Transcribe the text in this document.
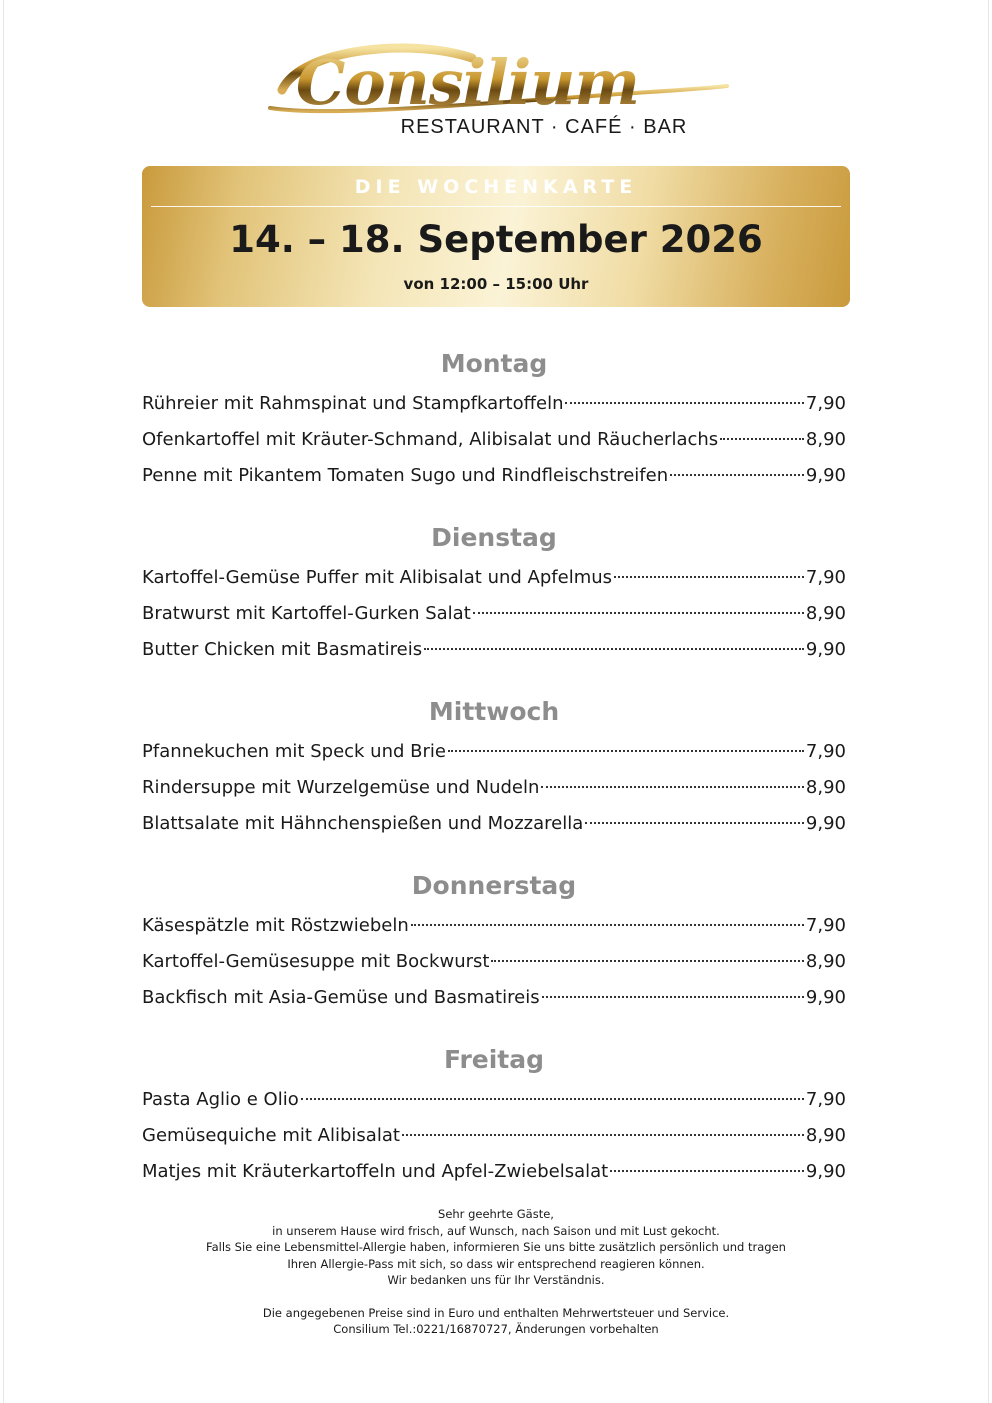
Consilium
RESTAURANT · CAFÉ · BAR
DIE WOCHENKARTE
14. – 18. September 2026
von 12:00 – 15:00 Uhr
Montag
Rühreier mit Rahmspinat und Stampfkartoffeln	7,90
Ofenkartoffel mit Kräuter-Schmand, Alibisalat und Räucherlachs	8,90
Penne mit Pikantem Tomaten Sugo und Rindfleischstreifen	9,90
Dienstag
Kartoffel-Gemüse Puffer mit Alibisalat und Apfelmus	7,90
Bratwurst mit Kartoffel-Gurken Salat	8,90
Butter Chicken mit Basmatireis	9,90
Mittwoch
Pfannekuchen mit Speck und Brie	7,90
Rindersuppe mit Wurzelgemüse und Nudeln	8,90
Blattsalate mit Hähnchenspießen und Mozzarella	9,90
Donnerstag
Käsespätzle mit Röstzwiebeln	7,90
Kartoffel-Gemüsesuppe mit Bockwurst	8,90
Backfisch mit Asia-Gemüse und Basmatireis	9,90
Freitag
Pasta Aglio e Olio	7,90
Gemüsequiche mit Alibisalat	8,90
Matjes mit Kräuterkartoffeln und Apfel-Zwiebelsalat	9,90
Sehr geehrte Gäste,
in unserem Hause wird frisch, auf Wunsch, nach Saison und mit Lust gekocht.
Falls Sie eine Lebensmittel-Allergie haben, informieren Sie uns bitte zusätzlich persönlich und tragen
Ihren Allergie-Pass mit sich, so dass wir entsprechend reagieren können.
Wir bedanken uns für Ihr Verständnis.
Die angegebenen Preise sind in Euro und enthalten Mehrwertsteuer und Service.
Consilium Tel.:0221/16870727, Änderungen vorbehalten
